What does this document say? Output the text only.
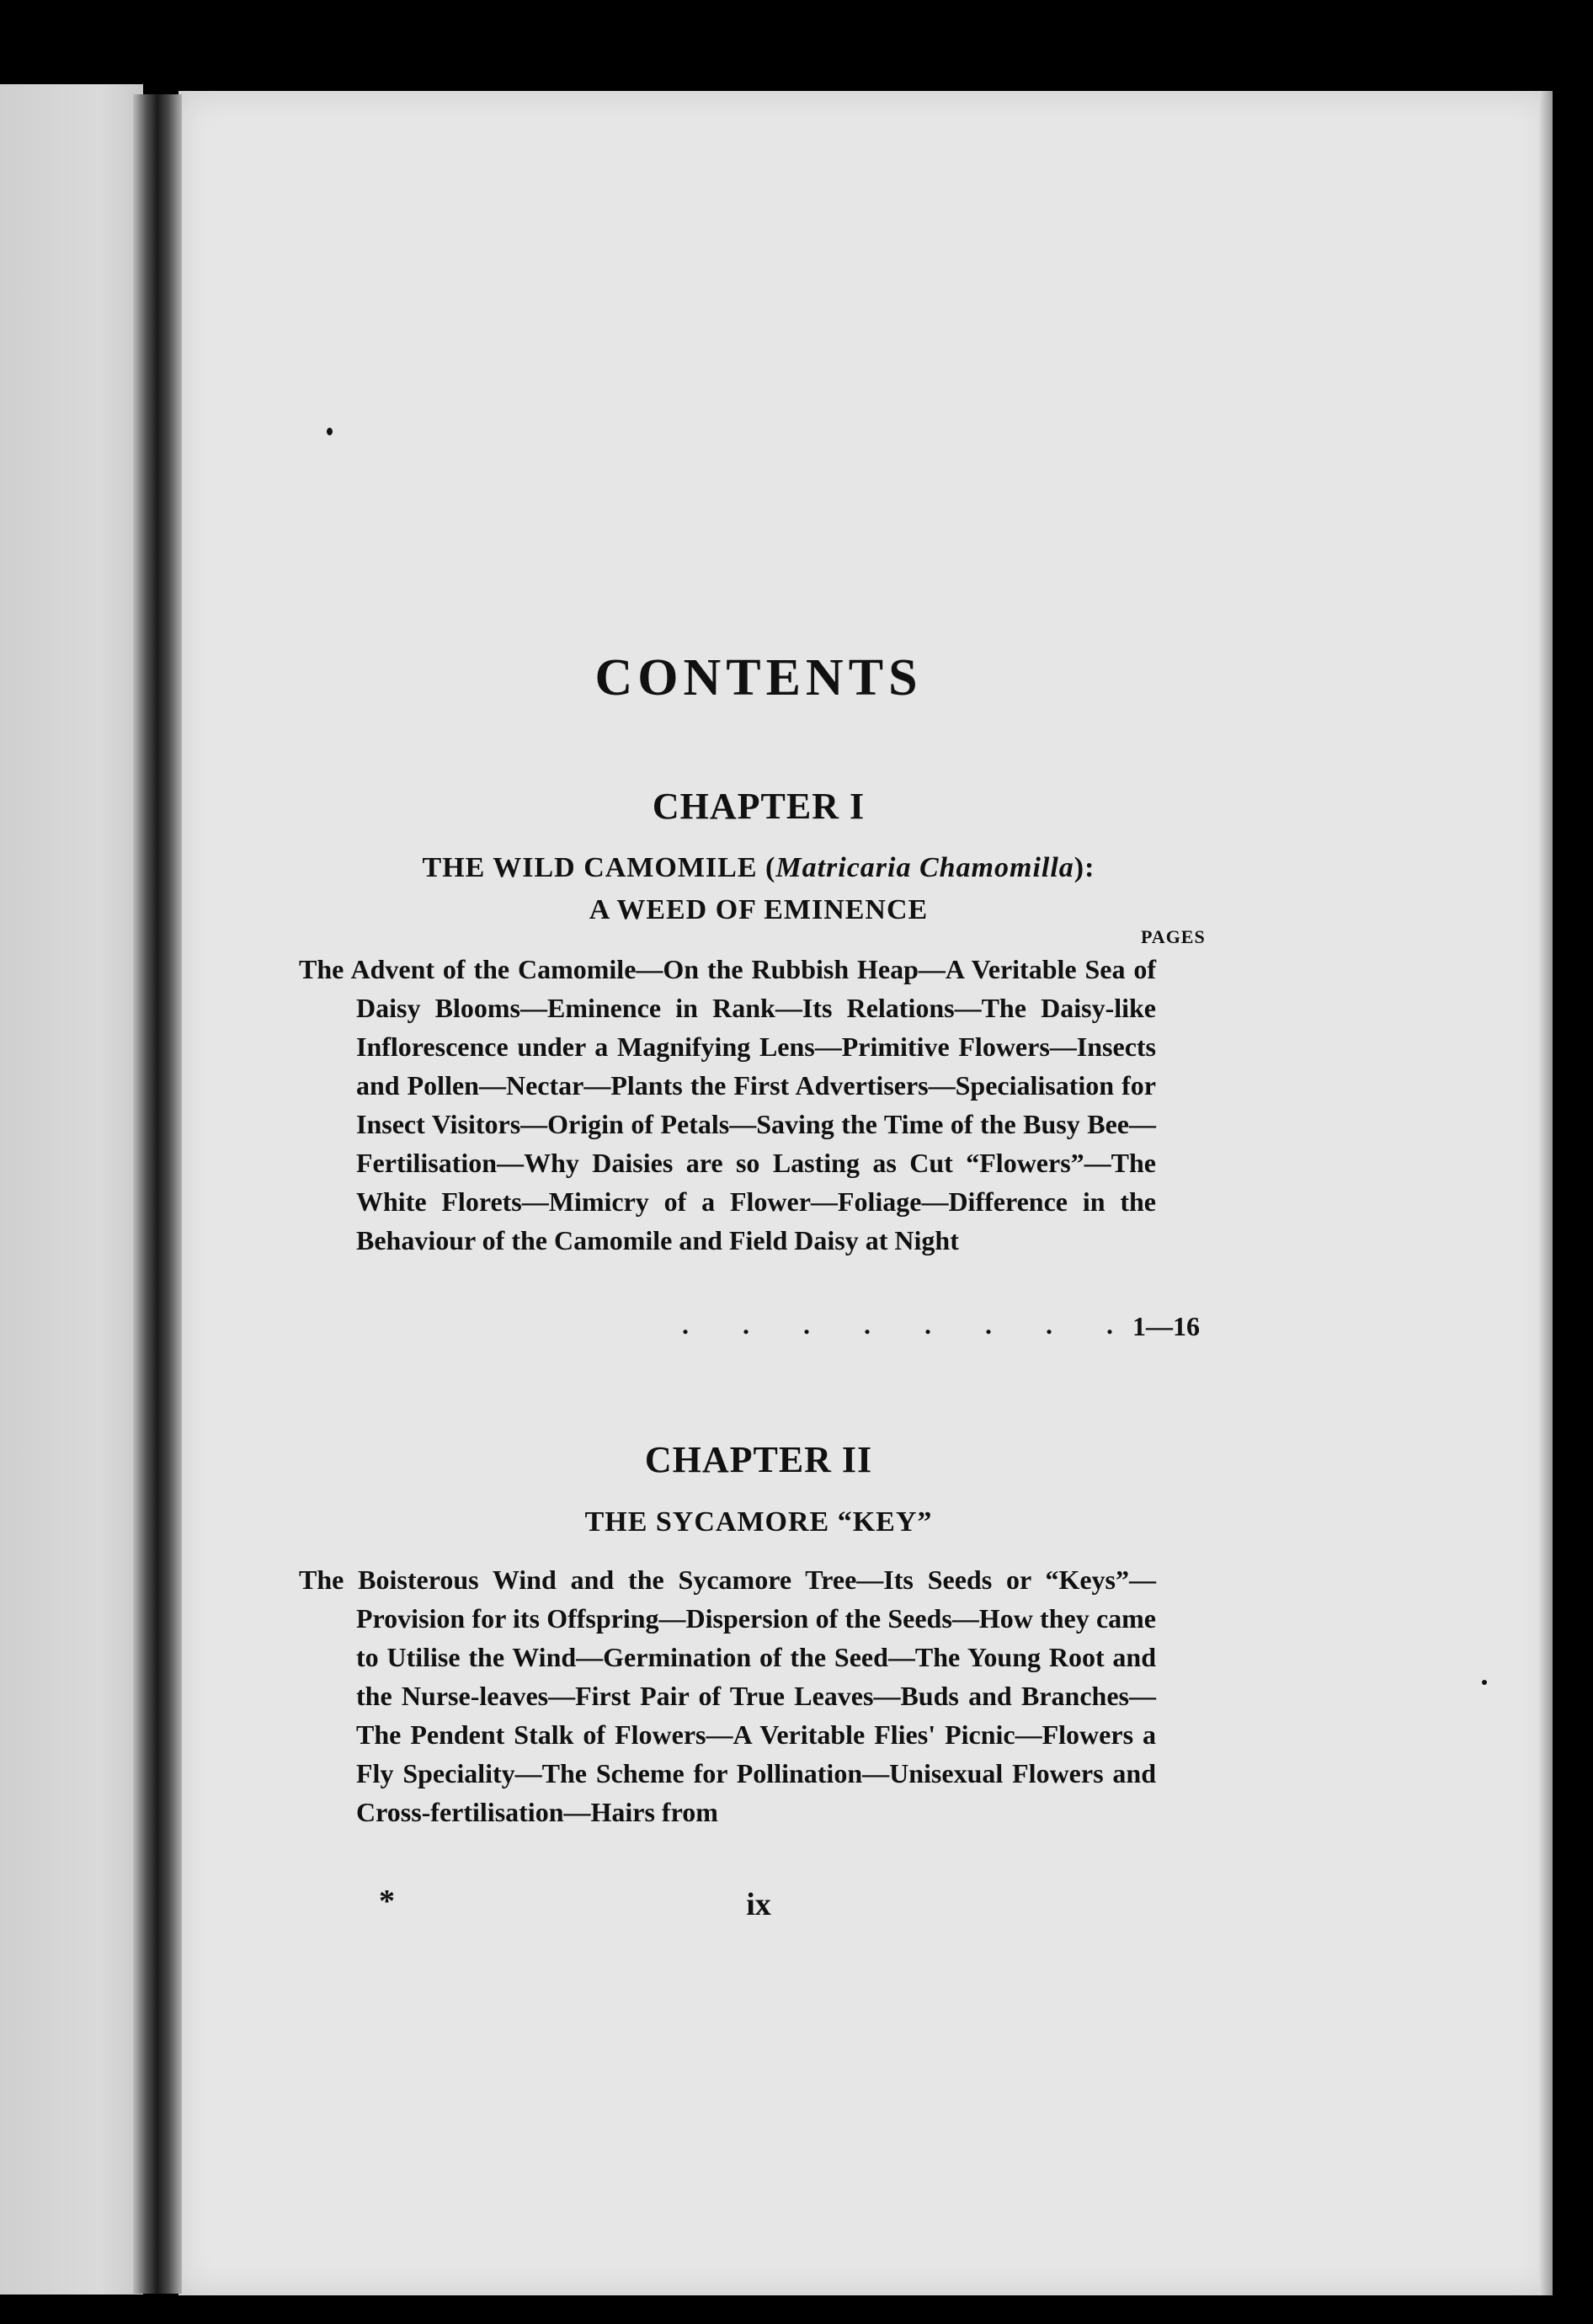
CONTENTS
CHAPTER I
THE WILD CAMOMILE (Matricaria Chamomilla):
A WEED OF EMINENCE
PAGES
The Advent of the Camomile—On the Rubbish Heap—A Veritable Sea of Daisy Blooms—Eminence in Rank—Its Relations—The Daisy-like Inflorescence under a Magnifying Lens—Primitive Flowers—Insects and Pollen—Nectar—Plants the First Advertisers—Specialisation for Insect Visitors—Origin of Petals—Saving the Time of the Busy Bee—Fertilisation—Why Daisies are so Lasting as Cut “Flowers”—The White Florets—Mimicry of a Flower—Foliage—Difference in the Behaviour of the Camomile and Field Daisy at Night
. . . . . . . .
1—16
CHAPTER II
THE SYCAMORE “KEY”
The Boisterous Wind and the Sycamore Tree—Its Seeds or “Keys”—Provision for its Offspring—Dispersion of the Seeds—How they came to Utilise the Wind—Germination of the Seed—The Young Root and the Nurse-leaves—First Pair of True Leaves—Buds and Branches—The Pendent Stalk of Flowers—A Veritable Flies' Picnic—Flowers a Fly Speciality—The Scheme for Pollination—Unisexual Flowers and Cross-fertilisation—Hairs from
*	ix
